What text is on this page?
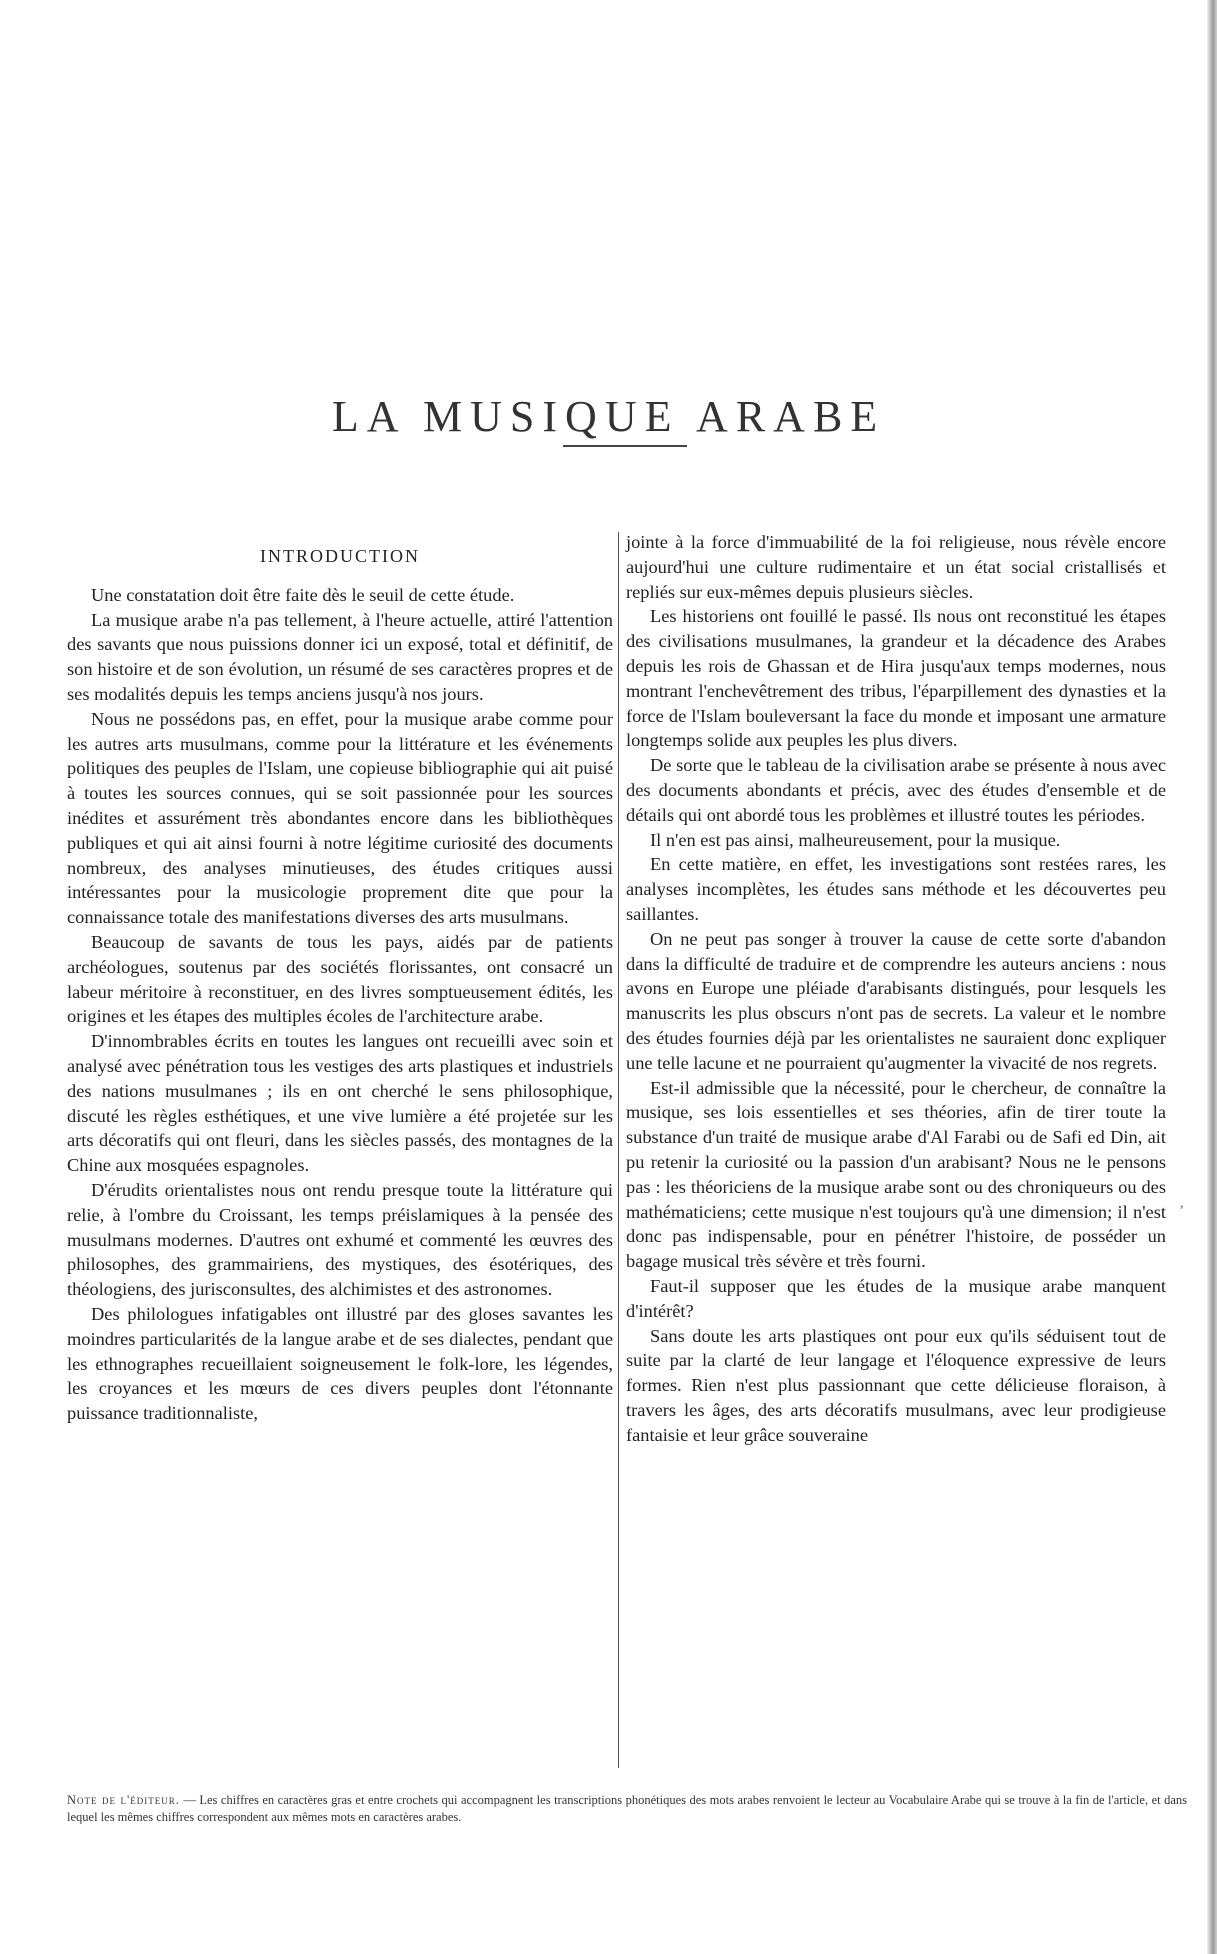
LA MUSIQUE ARABE
INTRODUCTION

Une constatation doit être faite dès le seuil de cette étude.

La musique arabe n'a pas tellement, à l'heure actuelle, attiré l'attention des savants que nous puissions donner ici un exposé, total et définitif, de son histoire et de son évolution, un résumé de ses caractères propres et de ses modalités depuis les temps anciens jusqu'à nos jours.

Nous ne possédons pas, en effet, pour la musique arabe comme pour les autres arts musulmans, comme pour la littérature et les événements politiques des peuples de l'Islam, une copieuse bibliographie qui ait puisé à toutes les sources connues, qui se soit passionnée pour les sources inédites et assurément très abondantes encore dans les bibliothèques publiques et qui ait ainsi fourni à notre légitime curiosité des documents nombreux, des analyses minutieuses, des études critiques aussi intéressantes pour la musicologie proprement dite que pour la connaissance totale des manifestations diverses des arts musulmans.

Beaucoup de savants de tous les pays, aidés par de patients archéologues, soutenus par des sociétés florissantes, ont consacré un labeur méritoire à reconstituer, en des livres somptueusement édités, les origines et les étapes des multiples écoles de l'architecture arabe.

D'innombrables écrits en toutes les langues ont recueilli avec soin et analysé avec pénétration tous les vestiges des arts plastiques et industriels des nations musulmanes ; ils en ont cherché le sens philosophique, discuté les règles esthétiques, et une vive lumière a été projetée sur les arts décoratifs qui ont fleuri, dans les siècles passés, des montagnes de la Chine aux mosquées espagnoles.

D'érudits orientalistes nous ont rendu presque toute la littérature qui relie, à l'ombre du Croissant, les temps préislamiques à la pensée des musulmans modernes. D'autres ont exhumé et commenté les œuvres des philosophes, des grammairiens, des mystiques, des ésotériques, des théologiens, des jurisconsultes, des alchimistes et des astronomes.

Des philologues infatigables ont illustré par des gloses savantes les moindres particularités de la langue arabe et de ses dialectes, pendant que les ethnographes recueillaient soigneusement le folk-lore, les légendes, les croyances et les mœurs de ces divers peuples dont l'étonnante puissance traditionnaliste,

jointe à la force d'immuabilité de la foi religieuse, nous révèle encore aujourd'hui une culture rudimentaire et un état social cristallisés et repliés sur eux-mêmes depuis plusieurs siècles.

Les historiens ont fouillé le passé. Ils nous ont reconstitué les étapes des civilisations musulmanes, la grandeur et la décadence des Arabes depuis les rois de Ghassan et de Hira jusqu'aux temps modernes, nous montrant l'enchevêtrement des tribus, l'éparpillement des dynasties et la force de l'Islam bouleversant la face du monde et imposant une armature longtemps solide aux peuples les plus divers.

De sorte que le tableau de la civilisation arabe se présente à nous avec des documents abondants et précis, avec des études d'ensemble et de détails qui ont abordé tous les problèmes et illustré toutes les périodes.

Il n'en est pas ainsi, malheureusement, pour la musique.

En cette matière, en effet, les investigations sont restées rares, les analyses incomplètes, les études sans méthode et les découvertes peu saillantes.

On ne peut pas songer à trouver la cause de cette sorte d'abandon dans la difficulté de traduire et de comprendre les auteurs anciens : nous avons en Europe une pléiade d'arabisants distingués, pour lesquels les manuscrits les plus obscurs n'ont pas de secrets. La valeur et le nombre des études fournies déjà par les orientalistes ne sauraient donc expliquer une telle lacune et ne pourraient qu'augmenter la vivacité de nos regrets.

Est-il admissible que la nécessité, pour le chercheur, de connaître la musique, ses lois essentielles et ses théories, afin de tirer toute la substance d'un traité de musique arabe d'Al Farabi ou de Safi ed Din, ait pu retenir la curiosité ou la passion d'un arabisant? Nous ne le pensons pas : les théoriciens de la musique arabe sont ou des chroniqueurs ou des mathématiciens; cette musique n'est toujours qu'à une dimension; il n'est donc pas indispensable, pour en pénétrer l'histoire, de posséder un bagage musical très sévère et très fourni.

Faut-il supposer que les études de la musique arabe manquent d'intérêt?

Sans doute les arts plastiques ont pour eux qu'ils séduisent tout de suite par la clarté de leur langage et l'éloquence expressive de leurs formes. Rien n'est plus passionnant que cette délicieuse floraison, à travers les âges, des arts décoratifs musulmans, avec leur prodigieuse fantaisie et leur grâce souveraine

,
Note de l'éditeur. — Les chiffres en caractères gras et entre crochets qui accompagnent les transcriptions phonétiques des mots arabes renvoient le lecteur au Vocabulaire Arabe qui se trouve à la fin de l'article, et dans lequel les mêmes chiffres correspondent aux mêmes mots en caractères arabes.
